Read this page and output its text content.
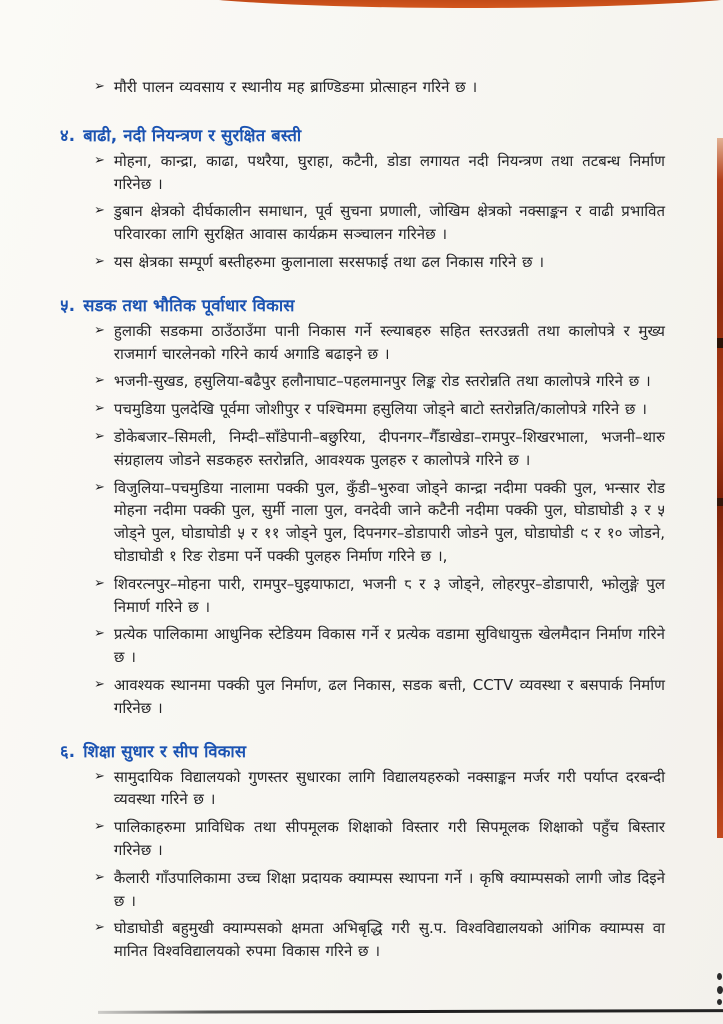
➢ मौरी पालन व्यवसाय र स्थानीय मह ब्राण्डिङमा प्रोत्साहन गरिने छ ।
४. बाढी, नदी नियन्त्रण र सुरक्षित बस्ती
➢ मोहना, कान्द्रा, काढा, पथरैया, घुराहा, कटैनी, डोडा लगायत नदी नियन्त्रण तथा तटबन्ध निर्माण गरिनेछ ।
➢ डुबान क्षेत्रको दीर्घकालीन समाधान, पूर्व सुचना प्रणाली, जोखिम क्षेत्रको नक्साङ्कन र वाढी प्रभावित परिवारका लागि सुरक्षित आवास कार्यक्रम सञ्चालन गरिनेछ ।
➢ यस क्षेत्रका सम्पूर्ण बस्तीहरुमा कुलानाला सरसफाई तथा ढल निकास गरिने छ ।
५. सडक तथा भौतिक पूर्वाधार विकास
➢ हुलाकी सडकमा ठाउँठाउँमा पानी निकास गर्ने स्ल्याबहरु सहित स्तरउन्नती तथा कालोपत्रे र मुख्य राजमार्ग चारलेनको गरिने कार्य अगाडि बढाइने छ ।
➢ भजनी-सुखड, हसुलिया-बढैपुर हलौनाघाट–पहलमानपुर लिङ्क रोड स्तरोन्नति तथा कालोपत्रे गरिने छ ।
➢ पचमुडिया पुलदेखि पूर्वमा जोशीपुर र पश्चिममा हसुलिया जोड्ने बाटो स्तरोन्नति/कालोपत्रे गरिने छ ।
➢ डोकेबजार–सिमली, निम्दी–साँडेपानी–बछुरिया, दीपनगर–गैँडाखेडा–रामपुर–शिखरभाला, भजनी–थारु संग्रहालय जोडने सडकहरु स्तरोन्नति, आवश्यक पुलहरु र कालोपत्रे गरिने छ ।
➢ विजुलिया–पचमुडिया नालामा पक्की पुल, कुँडी–भुरुवा जोड्ने कान्द्रा नदीमा पक्की पुल, भन्सार रोड मोहना नदीमा पक्की पुल, सुर्मी नाला पुल, वनदेवी जाने कटैनी नदीमा पक्की पुल, घोडाघोडी ३ र ५ जोड्ने पुल, घोडाघोडी ५ र ११ जोड्ने पुल, दिपनगर–डोडापारी जोडने पुल, घोडाघोडी ९ र १० जोडने, घोडाघोडी १ रिङ रोडमा पर्ने पक्की पुलहरु निर्माण गरिने छ ।,
➢ शिवरत्नपुर–मोहना पारी, रामपुर–घुइयाफाटा, भजनी ८ र ३ जोड्ने, लोहरपुर–डोडापारी, झोलुङ्गे पुल निमार्ण गरिने छ ।
➢ प्रत्येक पालिकामा आधुनिक स्टेडियम विकास गर्ने र प्रत्येक वडामा सुविधायुक्त खेलमैदान निर्माण गरिने छ ।
➢ आवश्यक स्थानमा पक्की पुल निर्माण, ढल निकास, सडक बत्ती, CCTV व्यवस्था र बसपार्क निर्माण गरिनेछ ।
६. शिक्षा सुधार र सीप विकास
➢ सामुदायिक विद्यालयको गुणस्तर सुधारका लागि विद्यालयहरुको नक्साङ्कन मर्जर गरी पर्याप्त दरबन्दी व्यवस्था गरिने छ ।
➢ पालिकाहरुमा प्राविधिक तथा सीपमूलक शिक्षाको विस्तार गरी सिपमूलक शिक्षाको पहुँच बिस्तार गरिनेछ ।
➢ कैलारी गाँउपालिकामा उच्च शिक्षा प्रदायक क्याम्पस स्थापना गर्ने । कृषि क्याम्पसको लागी जोड दिइने छ ।
➢ घोडाघोडी बहुमुखी क्याम्पसको क्षमता अभिबृद्धि गरी सु.प. विश्वविद्यालयको आंगिक क्याम्पस वा मानित विश्वविद्यालयको रुपमा विकास गरिने छ ।
